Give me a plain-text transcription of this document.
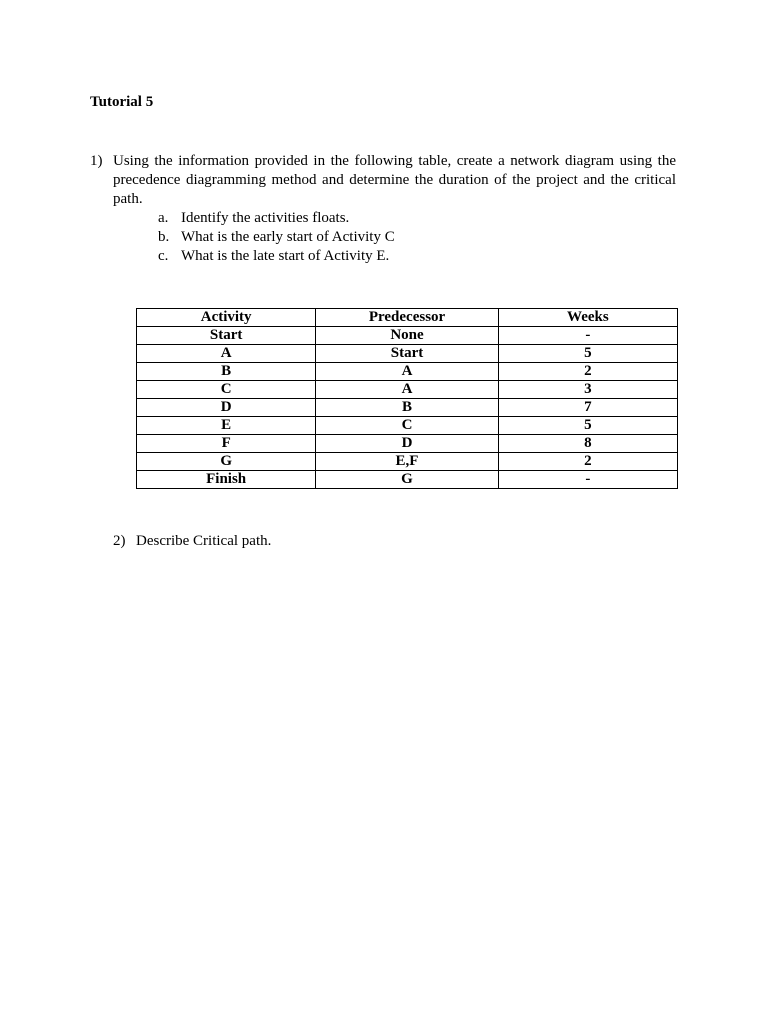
Tutorial 5
1) Using the information provided in the following table, create a network diagram using the precedence diagramming method and determine the duration of the project and the critical path.
a. Identify the activities floats.
b. What is the early start of Activity C
c. What is the late start of Activity E.
Activity	Predecessor	Weeks
Start	None	-
A	Start	5
B	A	2
C	A	3
D	B	7
E	C	5
F	D	8
G	E,F	2
Finish	G	-
2) Describe Critical path.
